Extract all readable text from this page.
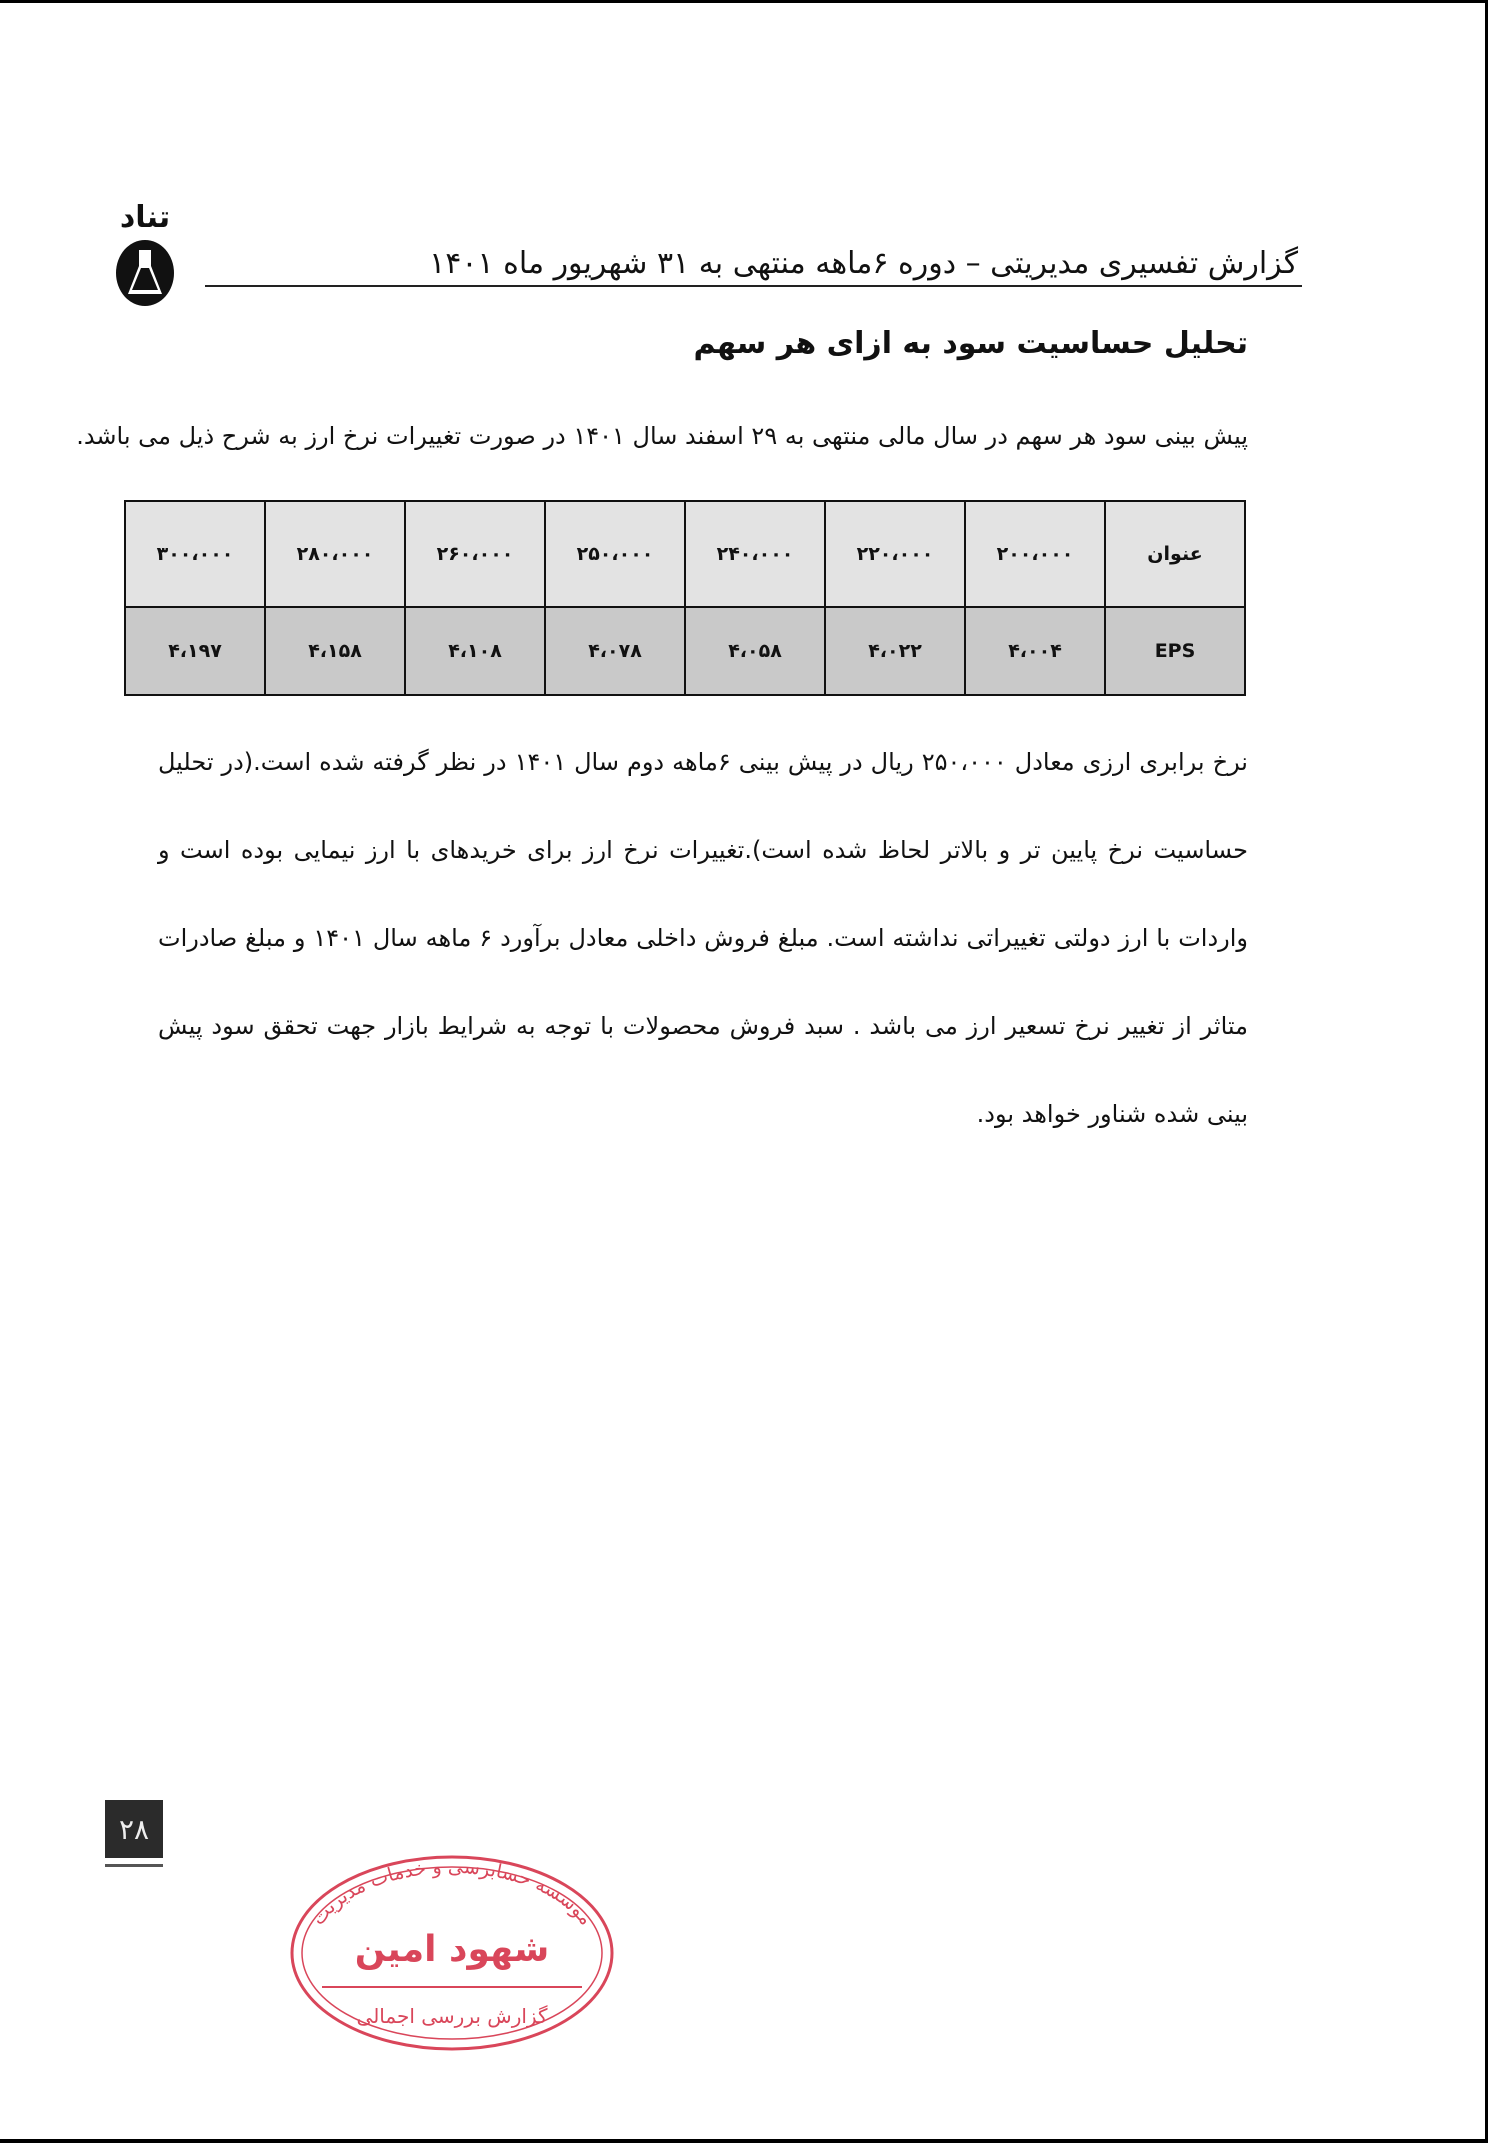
تناد
گزارش تفسیری مدیریتی – دوره ۶ماهه منتهی به ۳۱ شهریور ماه ۱۴۰۱
تحلیل حساسیت سود به ازای هر سهم
پیش بینی سود هر سهم در سال مالی منتهی به ۲۹ اسفند سال ۱۴۰۱ در صورت تغییرات نرخ ارز به شرح ذیل می باشد.
عنوان	۲۰۰،۰۰۰	۲۲۰،۰۰۰	۲۴۰،۰۰۰	۲۵۰،۰۰۰	۲۶۰،۰۰۰	۲۸۰،۰۰۰	۳۰۰،۰۰۰
EPS	۴،۰۰۴	۴،۰۲۲	۴،۰۵۸	۴،۰۷۸	۴،۱۰۸	۴،۱۵۸	۴،۱۹۷
نرخ برابری ارزی معادل ۲۵۰،۰۰۰ ریال در پیش بینی ۶ماهه دوم سال ۱۴۰۱ در نظر گرفته شده است.(در تحلیل حساسیت نرخ پایین تر و بالاتر لحاظ شده است).تغییرات نرخ ارز برای خریدهای با ارز نیمایی بوده است و واردات با ارز دولتی تغییراتی نداشته است. مبلغ فروش داخلی معادل برآورد ۶ ماهه سال ۱۴۰۱ و مبلغ صادرات متاثر از تغییر نرخ تسعیر ارز می باشد . سبد فروش محصولات با توجه به شرایط بازار جهت تحقق سود پیش بینی شده شناور خواهد بود.
۲۸
موسسه حسابرسی و خدمات مدیریت
شهود امین
گزارش بررسی اجمالی
